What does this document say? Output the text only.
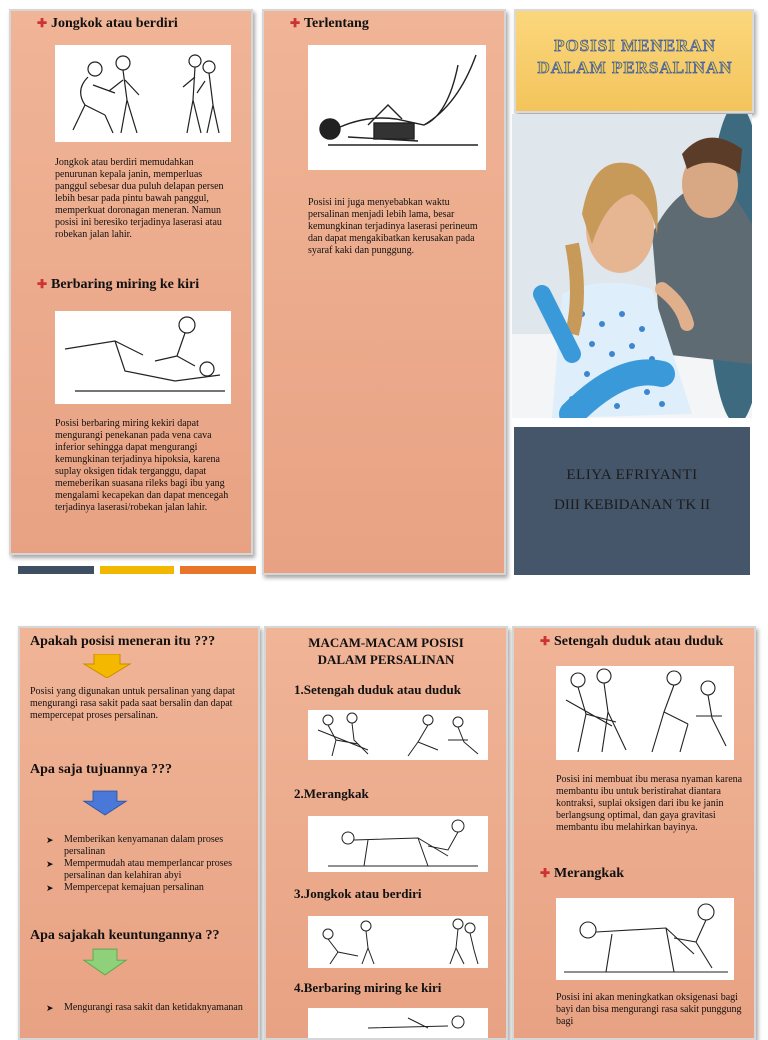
✚ Jongkok atau berdiri

Jongkok atau berdiri memudahkan penurunan kepala janin, memperluas panggul sebesar dua puluh delapan persen lebih besar pada pintu bawah panggul, memperkuat doronagan meneran. Namun posisi ini beresiko terjadinya laserasi atau robekan jalan lahir.

✚ Berbaring miring ke kiri

Posisi berbaring miring kekiri dapat mengurangi penekanan pada vena cava inferior sehingga dapat mengurangi kemungkinan terjadinya hipoksia, karena suplay oksigen tidak terganggu, dapat memeberikan suasana rileks bagi ibu yang mengalami kecapekan dan dapat mencegah terjadinya laserasi/robekan jalan lahir.

✚ Terlentang

Posisi ini juga menyebabkan waktu persalinan menjadi lebih lama, besar kemungkinan terjadinya laserasi perineum dan dapat mengakibatkan kerusakan pada syaraf kaki dan punggung.

POSISI MENERAN DALAM PERSALINAN
ELIYA EFRIYANTI
DIII KEBIDANAN TK II
Apakah posisi meneran itu ???

Posisi yang digunakan untuk persalinan yang dapat mengurangi rasa sakit pada saat bersalin dan dapat mempercepat proses persalinan.

Apa saja tujuannya ???
➤ Memberikan kenyamanan dalam proses persalinan
➤ Mempermudah atau memperlancar proses persalinan dan kelahiran abyi
➤ Mempercepat kemajuan persalinan
Apa sajakah keuntungannya ??
➤ Mengurangi rasa sakit dan ketidaknyamanan
MACAM-MACAM POSISI DALAM PERSALINAN
1.Setengah duduk atau duduk
2.Merangkak
3.Jongkok atau berdiri
4.Berbaring miring ke kiri
✚ Setengah duduk atau duduk

Posisi ini membuat ibu merasa nyaman karena membantu ibu untuk beristirahat diantara kontraksi, suplai oksigen dari ibu ke janin berlangsung optimal, dan gaya gravitasi membantu ibu melahirkan bayinya.

✚ Merangkak

Posisi ini akan meningkatkan oksigenasi bagi bayi dan bisa mengurangi rasa sakit punggung bagi
